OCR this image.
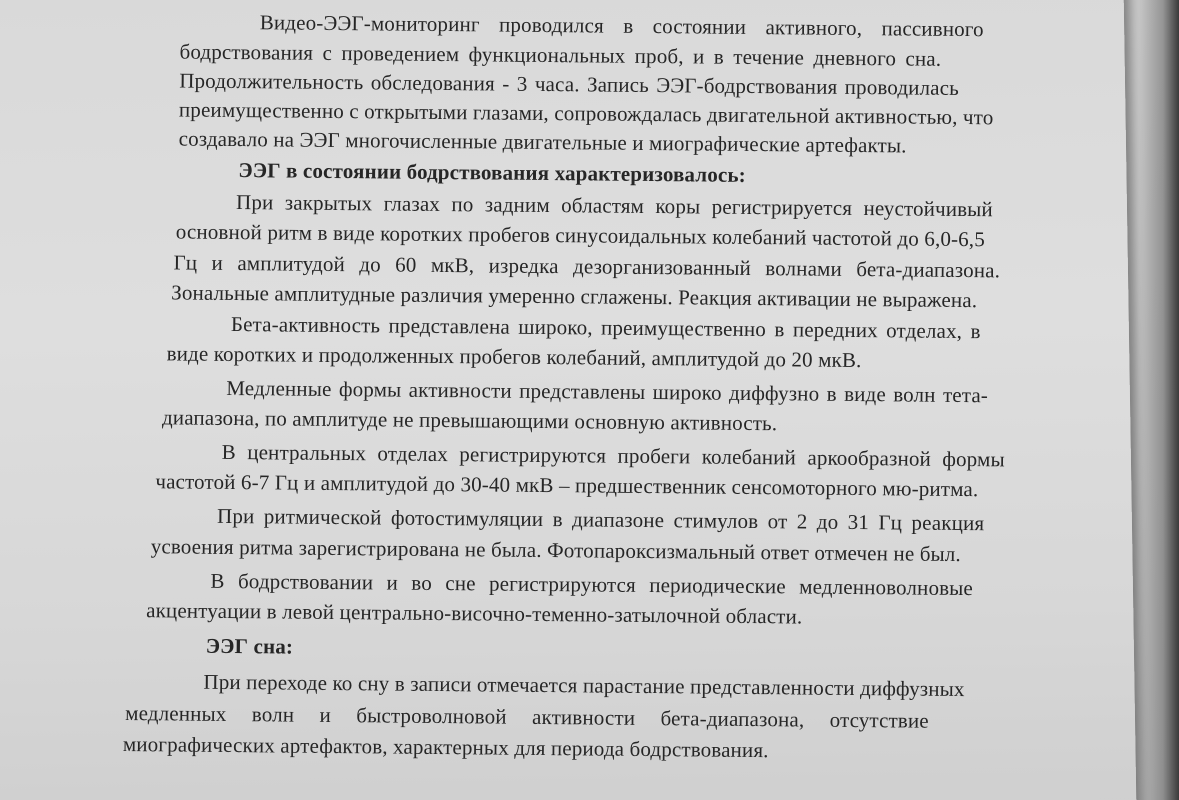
Видео-ЭЭГ-мониторинг проводился в состоянии активного, пассивного
бодрствования с проведением функциональных проб, и в течение дневного сна.
Продолжительность обследования - 3 часа. Запись ЭЭГ-бодрствования проводилась
преимущественно с открытыми глазами, сопровождалась двигательной активностью, что
создавало на ЭЭГ многочисленные двигательные и миографические артефакты.
ЭЭГ в состоянии бодрствования характеризовалось:
При закрытых глазах по задним областям коры регистрируется неустойчивый
основной ритм в виде коротких пробегов синусоидальных колебаний частотой до 6,0-6,5
Гц и амплитудой до 60 мкВ, изредка дезорганизованный волнами бета-диапазона.
Зональные амплитудные различия умеренно сглажены. Реакция активации не выражена.
Бета-активность представлена широко, преимущественно в передних отделах, в
виде коротких и продолженных пробегов колебаний, амплитудой до 20 мкВ.
Медленные формы активности представлены широко диффузно в виде волн тета-
диапазона, по амплитуде не превышающими основную активность.
В центральных отделах регистрируются пробеги колебаний аркообразной формы
частотой 6-7 Гц и амплитудой до 30-40 мкВ – предшественник сенсомоторного мю-ритма.
При ритмической фотостимуляции в диапазоне стимулов от 2 до 31 Гц реакция
усвоения ритма зарегистрирована не была. Фотопароксизмальный ответ отмечен не был.
В бодрствовании и во сне регистрируются периодические медленноволновые
акцентуации в левой центрально-височно-теменно-затылочной области.
ЭЭГ сна:
При переходе ко сну в записи отмечается парастание представленности диффузных
медленных волн и быстроволновой активности бета-диапазона, отсутствие
миографических артефактов, характерных для периода бодрствования.
